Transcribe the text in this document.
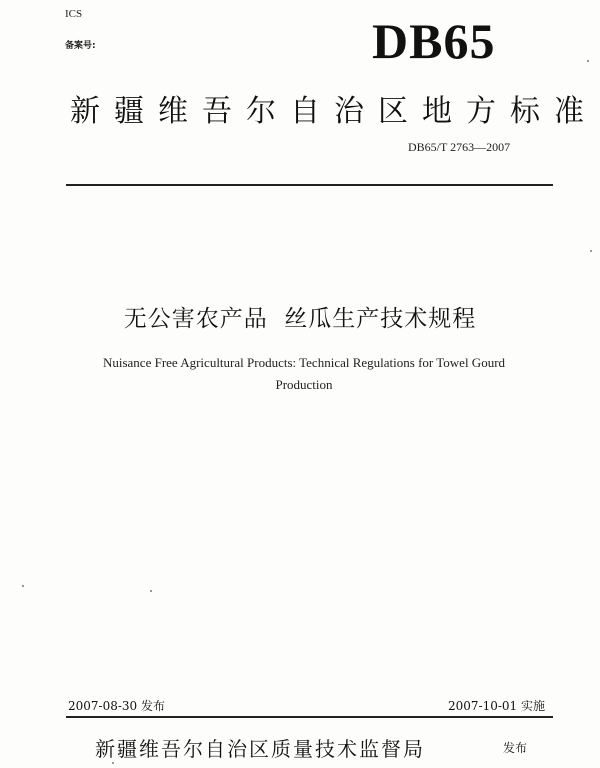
ICS
备案号:	DB65
新疆维吾尔自治区地方标准
DB65/T 2763—2007
无公害农产品  丝瓜生产技术规程
Nuisance Free Agricultural Products: Technical Regulations for Towel Gourd
Production
2007-08-30 发布	2007-10-01 实施
新疆维吾尔自治区质量技术监督局	发布
